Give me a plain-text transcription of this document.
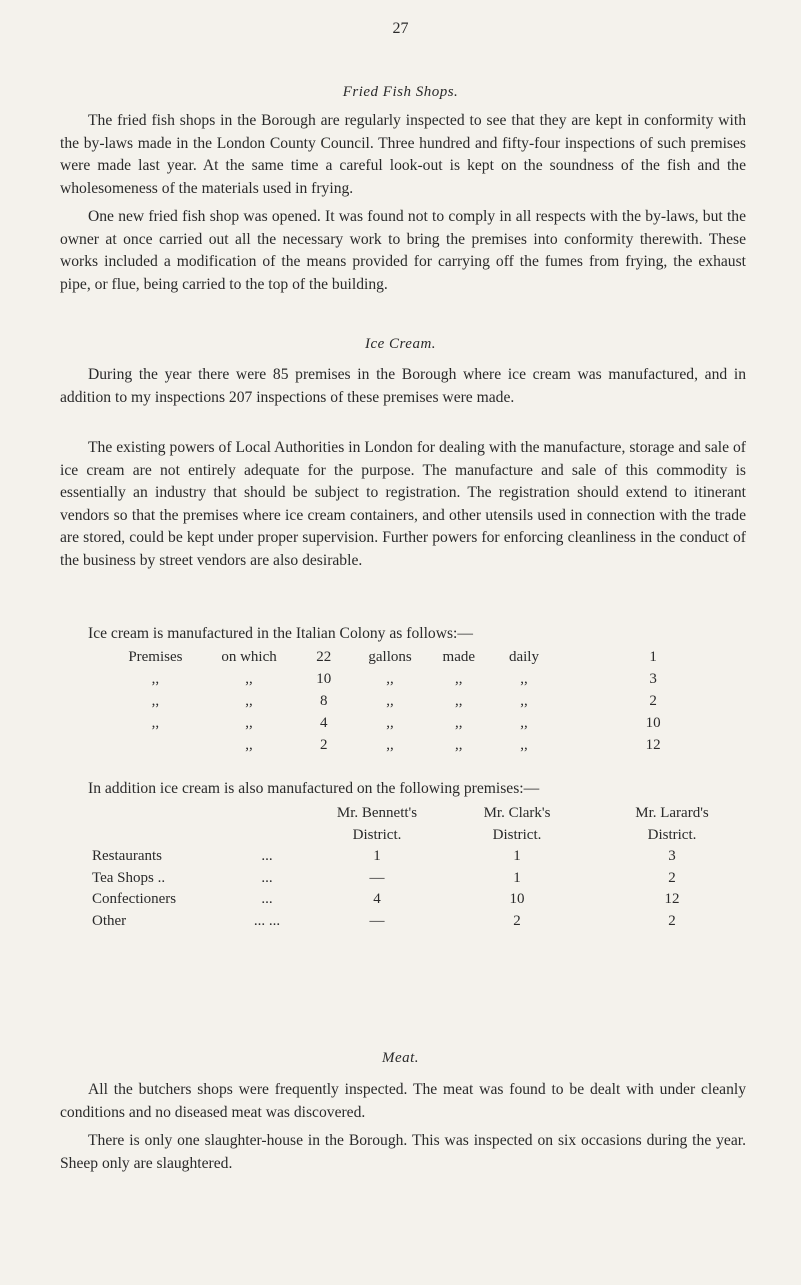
27
Fried Fish Shops.

The fried fish shops in the Borough are regularly inspected to see that they are kept in conformity with the by-laws made in the London County Council. Three hundred and fifty-four inspections of such premises were made last year. At the same time a careful look-out is kept on the soundness of the fish and the wholesomeness of the materials used in frying.

One new fried fish shop was opened. It was found not to comply in all respects with the by-laws, but the owner at once carried out all the necessary work to bring the premises into conformity therewith. These works included a modification of the means provided for carrying off the fumes from frying, the exhaust pipe, or flue, being carried to the top of the building.

Ice Cream.

During the year there were 85 premises in the Borough where ice cream was manufactured, and in addition to my inspections 207 inspections of these premises were made.

The existing powers of Local Authorities in London for dealing with the manufacture, storage and sale of ice cream are not entirely adequate for the purpose. The manufacture and sale of this commodity is essentially an industry that should be subject to registration. The registration should extend to itinerant vendors so that the premises where ice cream containers, and other utensils used in connection with the trade are stored, could be kept under proper supervision. Further powers for enforcing cleanliness in the conduct of the business by street vendors are also desirable.

Ice cream is manufactured in the Italian Colony as follows:—

Premises	on which	22	gallons	made	daily	1
,,	,,	10	,,	,,	,,	3
,,	,,	8	,,	,,	,,	2
,,	,,	4	,,	,,	,,	10
	,,	2	,,	,,	,,	12

In addition ice cream is also manufactured on the following premises:—

		Mr. Bennett's	Mr. Clark's	Mr. Larard's
		District.	District.	District.
Restaurants	...	1	1	3
Tea Shops ..	...	—	1	2
Confectioners	...	4	10	12
Other	... ...	—	2	2
Meat.

All the butchers shops were frequently inspected. The meat was found to be dealt with under cleanly conditions and no diseased meat was discovered.

There is only one slaughter-house in the Borough. This was inspected on six occasions during the year. Sheep only are slaughtered.
